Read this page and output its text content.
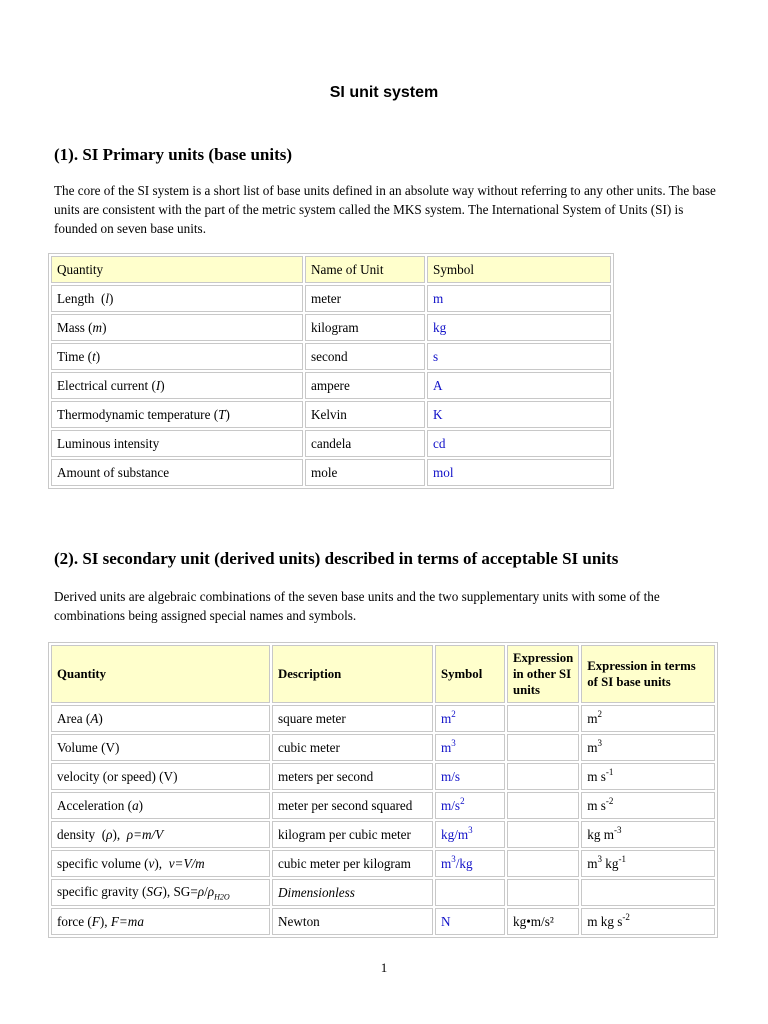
SI unit system
(1). SI Primary units (base units)
The core of the SI system is a short list of base units defined in an absolute way without referring to any other units. The base units are consistent with the part of the metric system called the MKS system. The International System of Units (SI) is founded on seven base units.
Quantity	Name of Unit	Symbol
Length  (l)	meter	m
Mass (m)	kilogram	kg
Time (t)	second	s
Electrical current (I)	ampere	A
Thermodynamic temperature (T)	Kelvin	K
Luminous intensity	candela	cd
Amount of substance	mole	mol
(2). SI secondary unit (derived units) described in terms of acceptable SI units
Derived units are algebraic combinations of the seven base units and the two supplementary units with some of the combinations being assigned special names and symbols.
Quantity	Description	Symbol	Expression in other SI units	Expression in terms of SI base units
Area (A)	square meter	$m^2$		$m^2$
Volume (V)	cubic meter	$m^3$		$m^3$
velocity (or speed) (V)	meters per second	m/s		m $s^{-1}$
Acceleration (a)	meter per second squared	$m/s^2$		m $s^{-2}$
density  (ρ),  ρ=m/V	kilogram per cubic meter	$kg/m^3$		kg $m^{-3}$
specific volume (v),  v=V/m	cubic meter per kilogram	$m^3/kg$		$m^3$ $kg^{-1}$
specific gravity (SG), $SG=\rho/\rho_{H2O}$	Dimensionless			
force (F), F=ma	Newton	N	kg•m/s²	m kg $s^{-2}$
1
